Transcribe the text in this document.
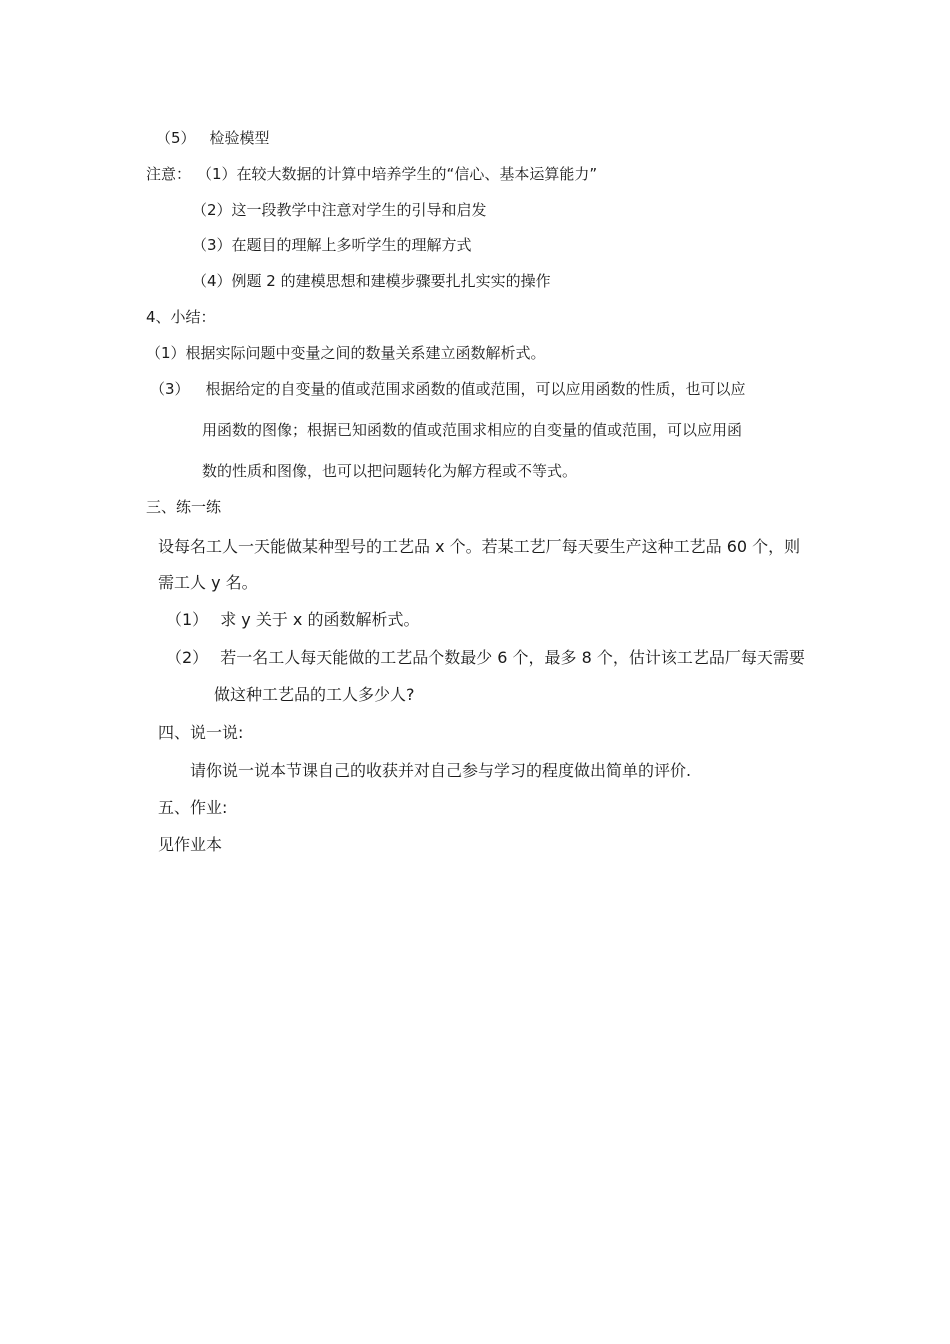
（5） 检验模型
注意： （1）在较大数据的计算中培养学生的“信心、基本运算能力”
（2）这一段教学中注意对学生的引导和启发
（3）在题目的理解上多听学生的理解方式
（4）例题 2 的建模思想和建模步骤要扎扎实实的操作
4、小结：
（1）根据实际问题中变量之间的数量关系建立函数解析式。
（3） 根据给定的自变量的值或范围求函数的值或范围，可以应用函数的性质，也可以应
用函数的图像；根据已知函数的值或范围求相应的自变量的值或范围，可以应用函
数的性质和图像，也可以把问题转化为解方程或不等式。
三、练一练
设每名工人一天能做某种型号的工艺品 x 个。若某工艺厂每天要生产这种工艺品 60 个，则
需工人 y 名。
（1） 求 y 关于 x 的函数解析式。
（2） 若一名工人每天能做的工艺品个数最少 6 个，最多 8 个，估计该工艺品厂每天需要
做这种工艺品的工人多少人?
四、说一说:
请你说一说本节课自己的收获并对自己参与学习的程度做出简单的评价.
五、作业:
见作业本
